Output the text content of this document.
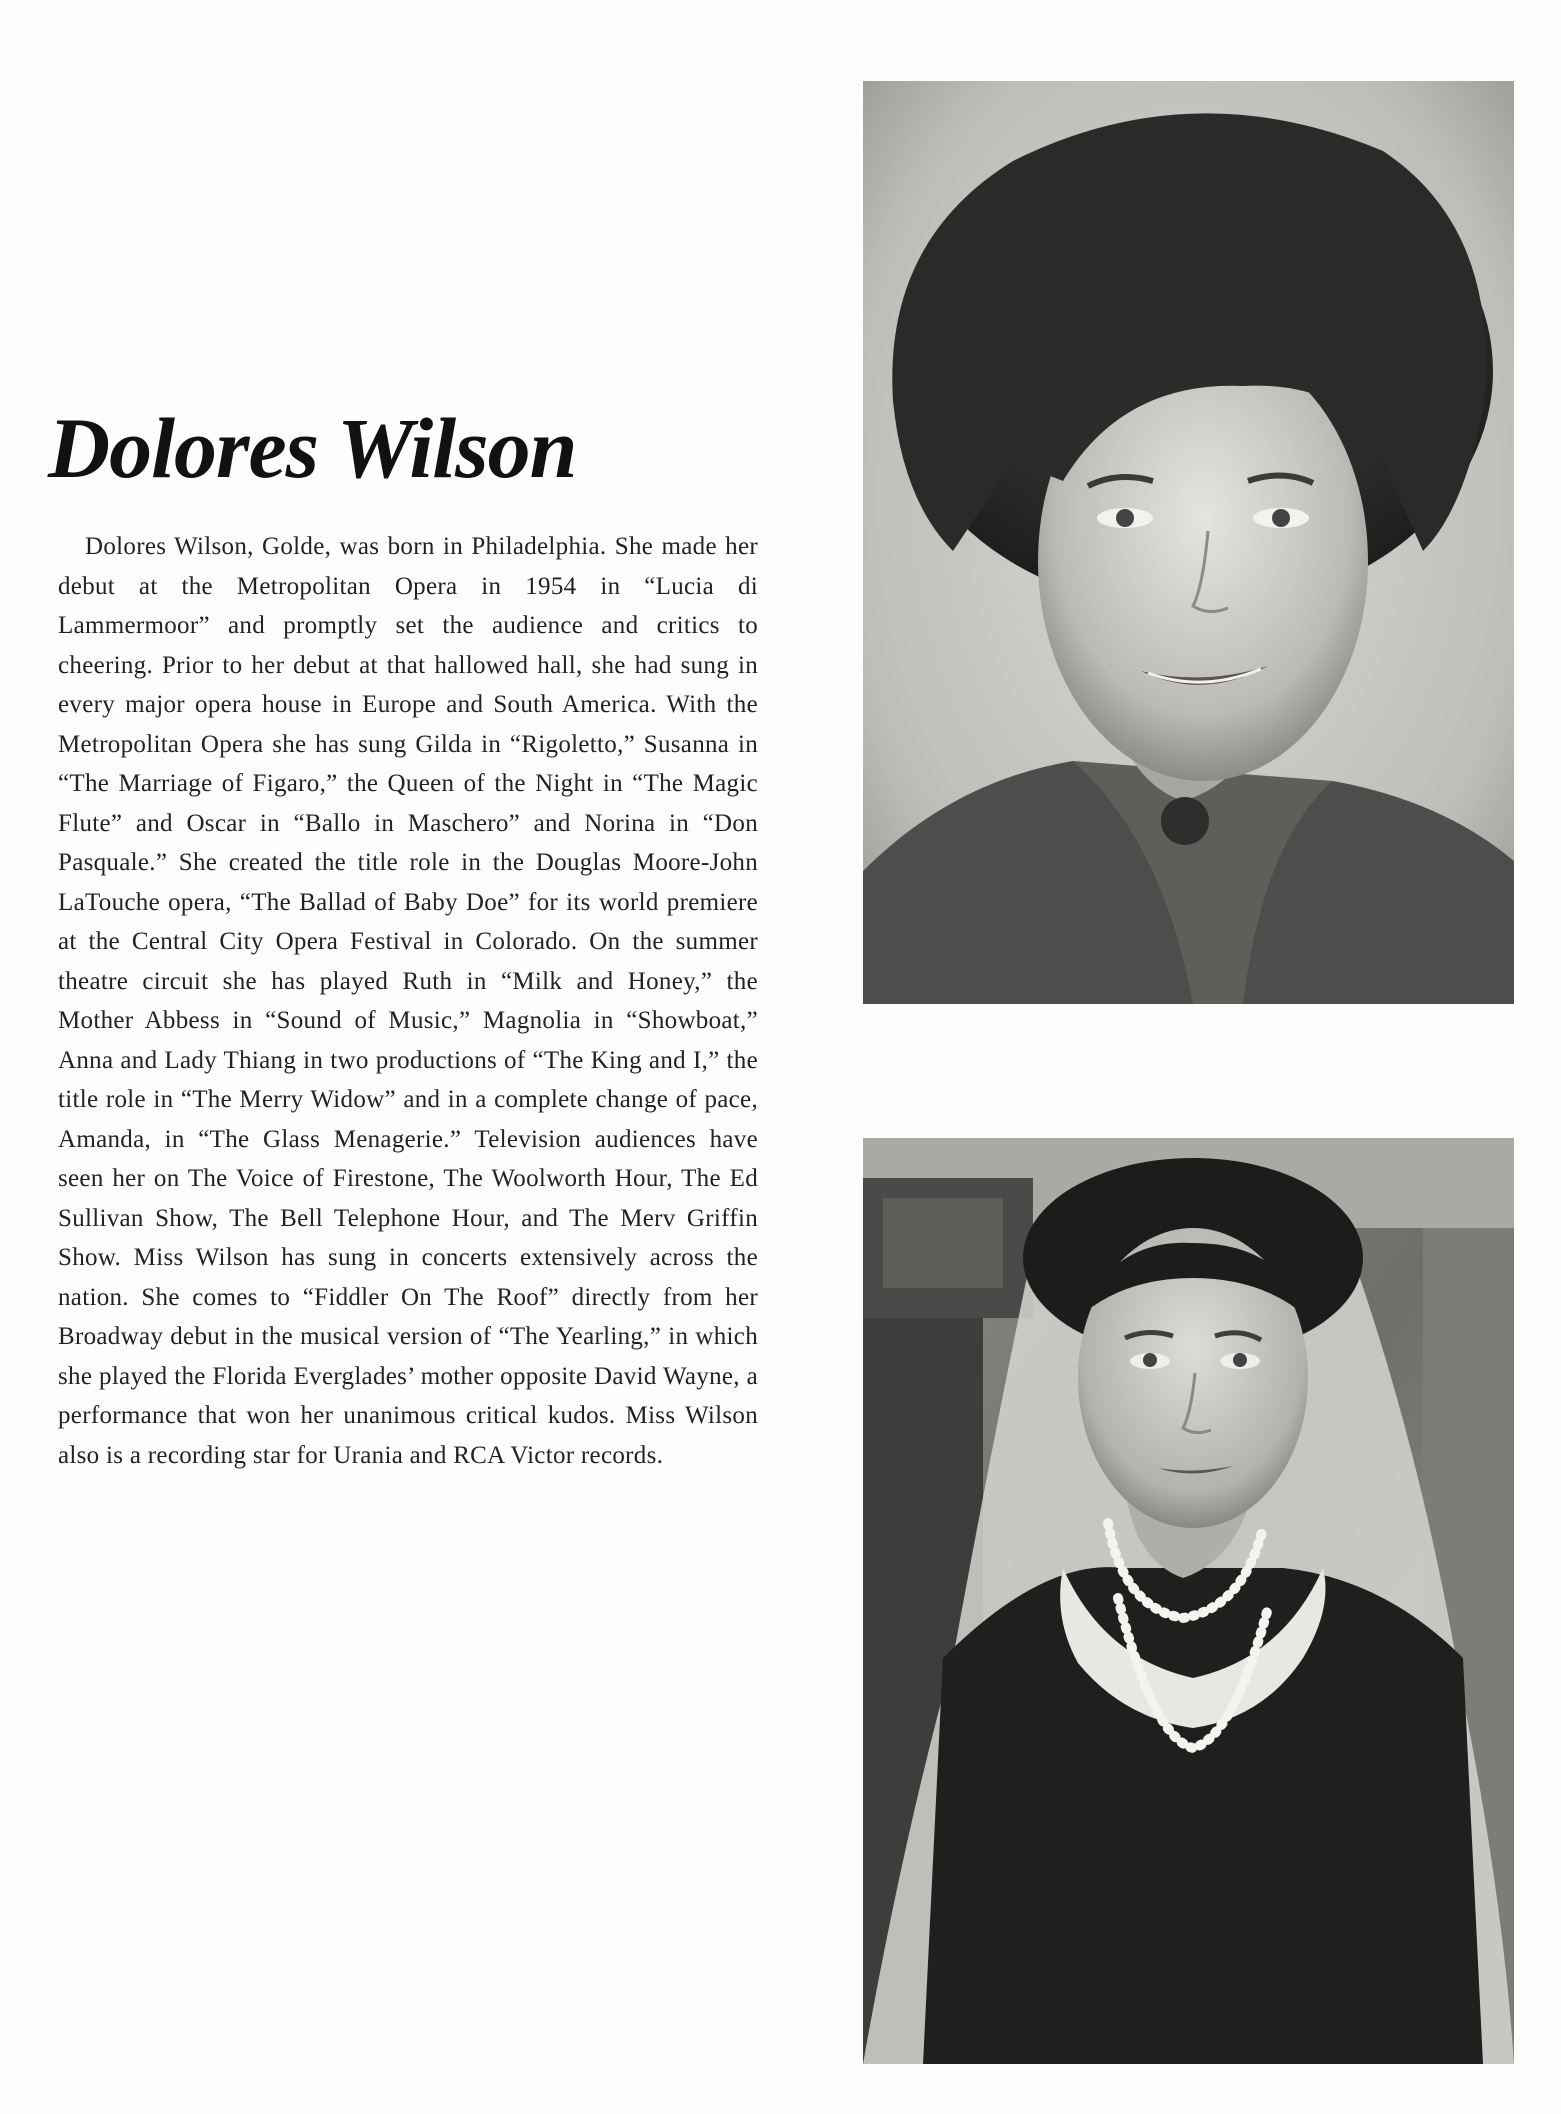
Dolores Wilson

Dolores Wilson, Golde, was born in Philadelphia. She made her debut at the Metropolitan Opera in 1954 in “Lucia di Lammermoor” and promptly set the audience and critics to cheering. Prior to her debut at that hallowed hall, she had sung in every major opera house in Europe and South America. With the Metropolitan Opera she has sung Gilda in “Rigoletto,” Susanna in “The Marriage of Figaro,” the Queen of the Night in “The Magic Flute” and Oscar in “Ballo in Maschero” and Norina in “Don Pasquale.” She created the title role in the Douglas Moore-John LaTouche opera, “The Ballad of Baby Doe” for its world premiere at the Central City Opera Festival in Colorado. On the summer theatre circuit she has played Ruth in “Milk and Honey,” the Mother Abbess in “Sound of Music,” Magnolia in “Showboat,” Anna and Lady Thiang in two productions of “The King and I,” the title role in “The Merry Widow” and in a complete change of pace, Amanda, in “The Glass Menagerie.” Television audiences have seen her on The Voice of Firestone, The Woolworth Hour, The Ed Sullivan Show, The Bell Telephone Hour, and The Merv Griffin Show. Miss Wilson has sung in concerts extensively across the nation. She comes to “Fiddler On The Roof” directly from her Broadway debut in the musical version of “The Yearling,” in which she played the Florida Everglades’ mother opposite David Wayne, a performance that won her unanimous critical kudos. Miss Wilson also is a recording star for Urania and RCA Victor records.
